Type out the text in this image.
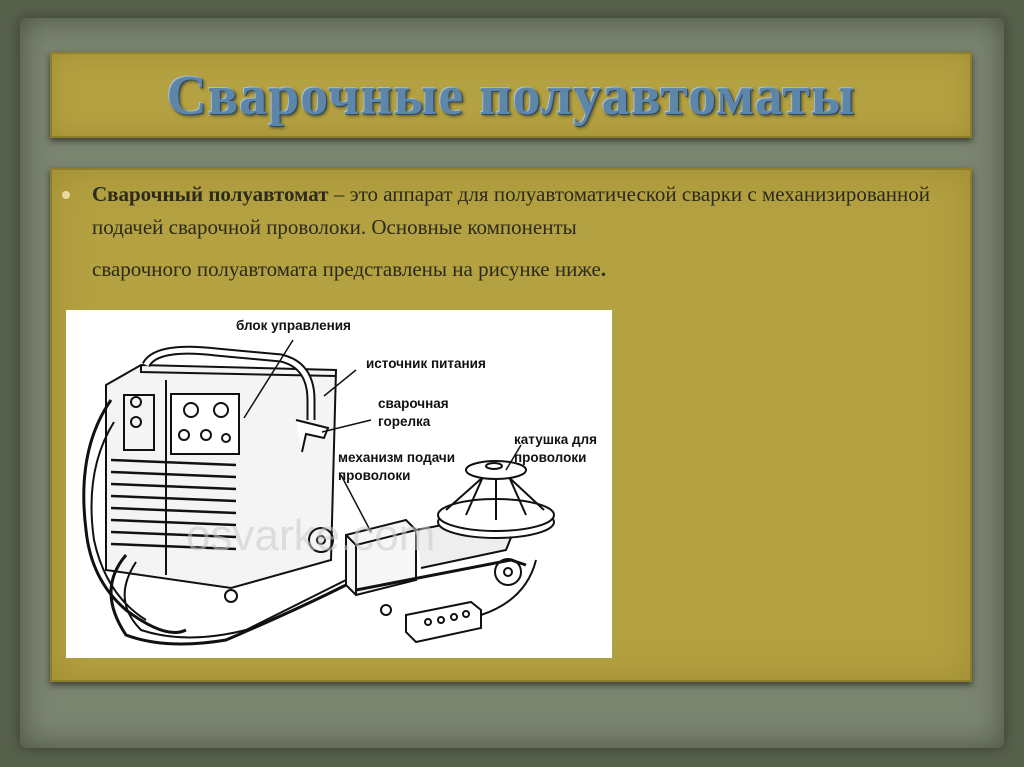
Сварочные полуавтоматы
Сварочный полуавтомат – это аппарат для полуавтоматической сварки с механизированной подачей сварочной проволоки. Основные компоненты
сварочного полуавтомата представлены на рисунке ниже.
osvarke.com
блок управления
источник питания
сварочная
горелка
механизм подачи
проволоки
катушка для
проволоки
